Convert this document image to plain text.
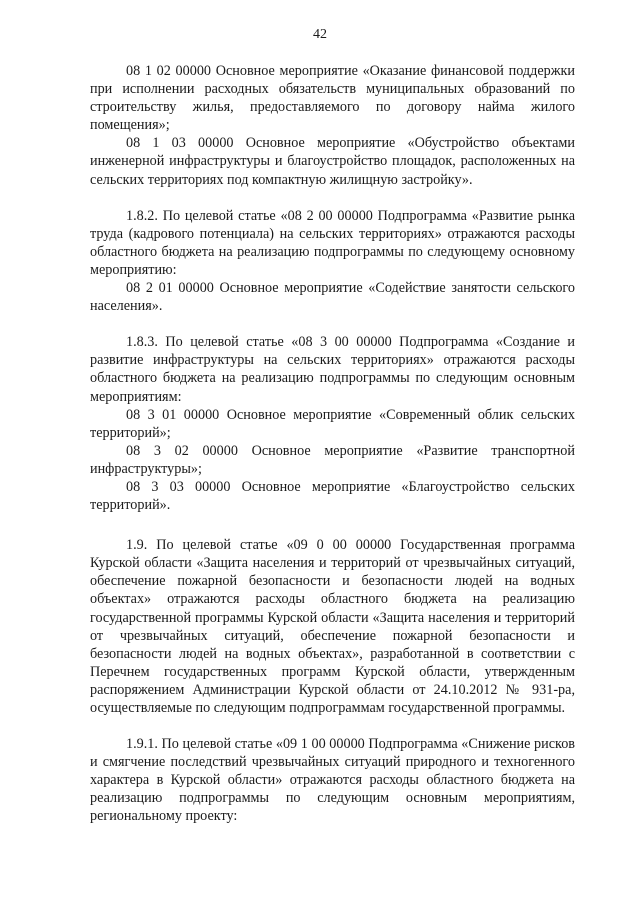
42

08 1 02 00000 Основное мероприятие «Оказание финансовой поддержки при исполнении расходных обязательств муниципальных образований по строительству жилья, предоставляемого по договору найма жилого помещения»;

08 1 03 00000 Основное мероприятие «Обустройство объектами инженерной инфраструктуры и благоустройство площадок, расположенных на сельских территориях под компактную жилищную застройку».

1.8.2. По целевой статье «08 2 00 00000 Подпрограмма «Развитие рынка труда (кадрового потенциала) на сельских территориях» отражаются расходы областного бюджета на реализацию подпрограммы по следующему основному мероприятию:

08 2 01 00000 Основное мероприятие «Содействие занятости сельского населения».

1.8.3. По целевой статье «08 3 00 00000 Подпрограмма «Создание и развитие инфраструктуры на сельских территориях» отражаются расходы областного бюджета на реализацию подпрограммы по следующим основным мероприятиям:

08 3 01 00000 Основное мероприятие «Современный облик сельских территорий»;

08 3 02 00000 Основное мероприятие «Развитие транспортной инфраструктуры»;

08 3 03 00000 Основное мероприятие «Благоустройство сельских территорий».

1.9. По целевой статье «09 0 00 00000 Государственная программа Курской области «Защита населения и территорий от чрезвычайных ситуаций, обеспечение пожарной безопасности и безопасности людей на водных объектах» отражаются расходы областного бюджета на реализацию государственной программы Курской области «Защита населения и территорий от чрезвычайных ситуаций, обеспечение пожарной безопасности и безопасности людей на водных объектах», разработанной в соответствии с Перечнем государственных программ Курской области, утвержденным распоряжением Администрации Курской области от 24.10.2012 № 931-ра, осуществляемые по следующим подпрограммам государственной программы.

1.9.1. По целевой статье «09 1 00 00000 Подпрограмма «Снижение рисков и смягчение последствий чрезвычайных ситуаций природного и техногенного характера в Курской области» отражаются расходы областного бюджета на реализацию подпрограммы по следующим основным мероприятиям, региональному проекту:
